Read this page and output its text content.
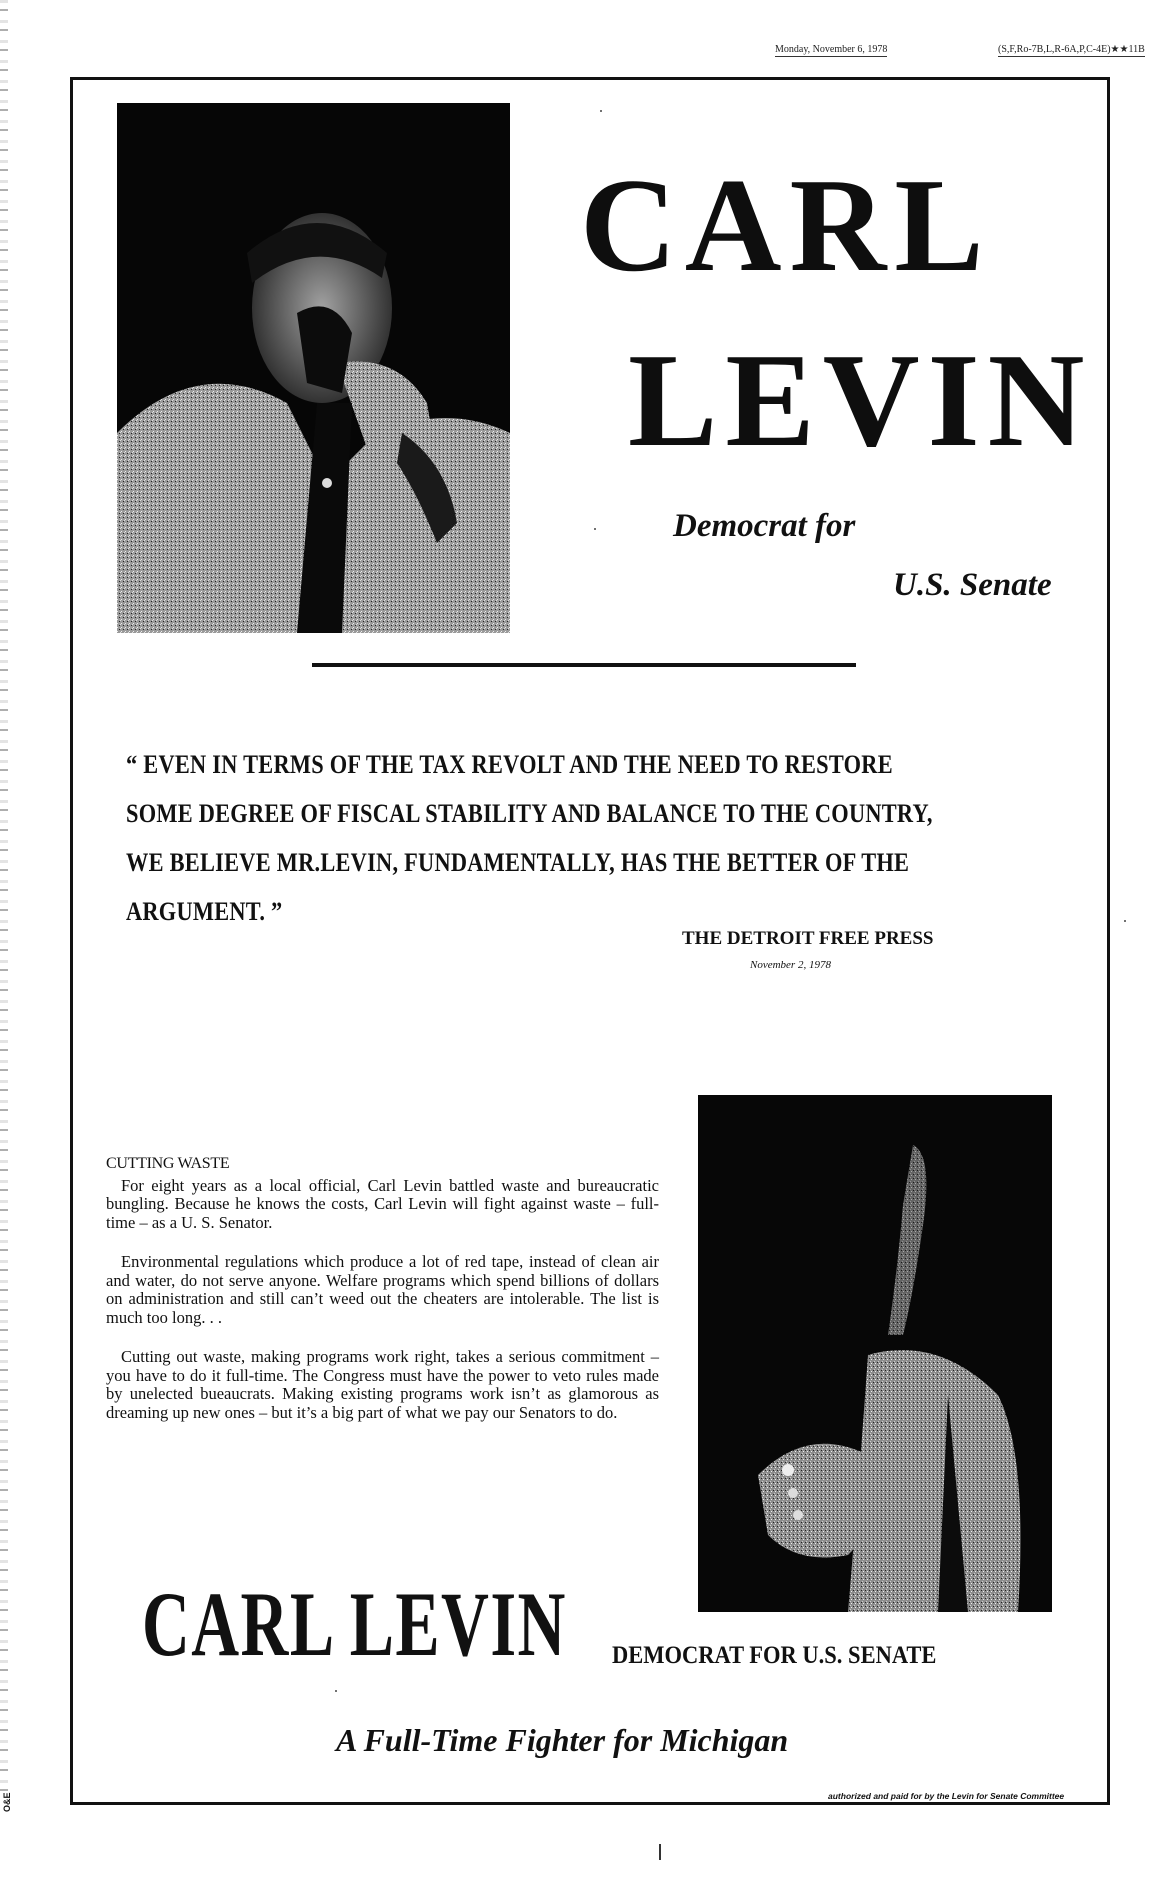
Monday, November 6, 1978	(S,F,Ro-7B,L,R-6A,P,C-4E)★★11B
CARL
LEVIN
Democrat for
U.S. Senate
“ EVEN IN TERMS OF THE TAX REVOLT AND THE NEED TO RESTORE
SOME DEGREE OF FISCAL STABILITY AND BALANCE TO THE COUNTRY,
WE BELIEVE MR.LEVIN, FUNDAMENTALLY, HAS THE BETTER OF THE
ARGUMENT. ”
THE DETROIT FREE PRESS
November 2, 1978
CUTTING WASTE

For eight years as a local official, Carl Levin battled waste and bureaucratic bungling. Because he knows the costs, Carl Levin will fight against waste – full-time – as a U. S. Senator.

Environmental regulations which produce a lot of red tape, instead of clean air and water, do not serve anyone. Welfare programs which spend billions of dollars on administration and still can’t weed out the cheaters are intolerable. The list is much too long. . .

Cutting out waste, making programs work right, takes a serious commitment – you have to do it full-time. The Congress must have the power to veto rules made by unelected bueaucrats. Making existing programs work isn’t as glamorous as dreaming up new ones – but it’s a big part of what we pay our Senators to do.

CARL LEVIN DEMOCRAT FOR U.S. SENATE
A Full-Time Fighter for Michigan
authorized and paid for by the Levin for Senate Committee
O&E
